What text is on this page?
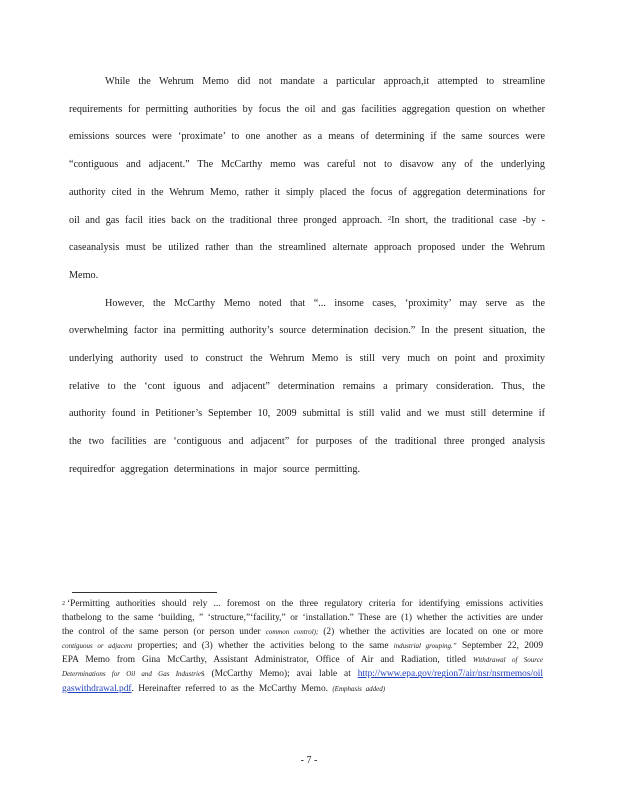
While the Wehrum Memo did not mandate a particular approach,it attempted to streamline requirements for permitting authorities by focus the oil and gas facilities aggregation question on whether emissions sources were ‘proximate’ to one another as a means of determining if the same sources were “contiguous and adjacent.” The McCarthy memo was careful not to disavow any of the underlying authority cited in the Wehrum Memo, rather it simply placed the focus of aggregation determinations for oil and gas facil ities back on the traditional three pronged approach. $^2$In short, the traditional case -by -caseanalysis must be utilized rather than the streamlined alternate approach proposed under the Wehrum Memo.

However, the McCarthy Memo noted that “... insome cases, ‘proximity’ may serve as the overwhelming factor ina permitting authority’s source determination decision.” In the present situation, the underlying authority used to construct the Wehrum Memo is still very much on point and proximity relative to the ‘cont iguous and adjacent” determination remains a primary consideration. Thus, the authority found in Petitioner’s September 10, 2009 submittal is still valid and we must still determine if the two facilities are ‘contiguous and adjacent” for purposes of the traditional three pronged analysis requiredfor aggregation determinations in major source permitting.

$^2$ ‘Permitting authorities should rely ... foremost on the three regulatory criteria for identifying emissions activities thatbelong to the same ‘building, ” ‘structure,”‘facility,” or ‘installation.” These are (1) whether the activities are under the control of the same person (or person under common control); (2) whether the activities are located on one or more contiguous or adjacent properties; and (3) whether the activities belong to the same industrial grouping.” September 22, 2009 EPA Memo from Gina McCarthy, Assistant Administrator, Office of Air and Radiation, titled Withdrawal of Source Determinations for Oil and Gas Industries (McCarthy Memo); avai lable at http://www.epa.gov/region7/air/nsr/nsrmemos/oil gaswithdrawal.pdf. Hereinafter referred to as the McCarthy Memo. (Emphasis added)

- 7 -
